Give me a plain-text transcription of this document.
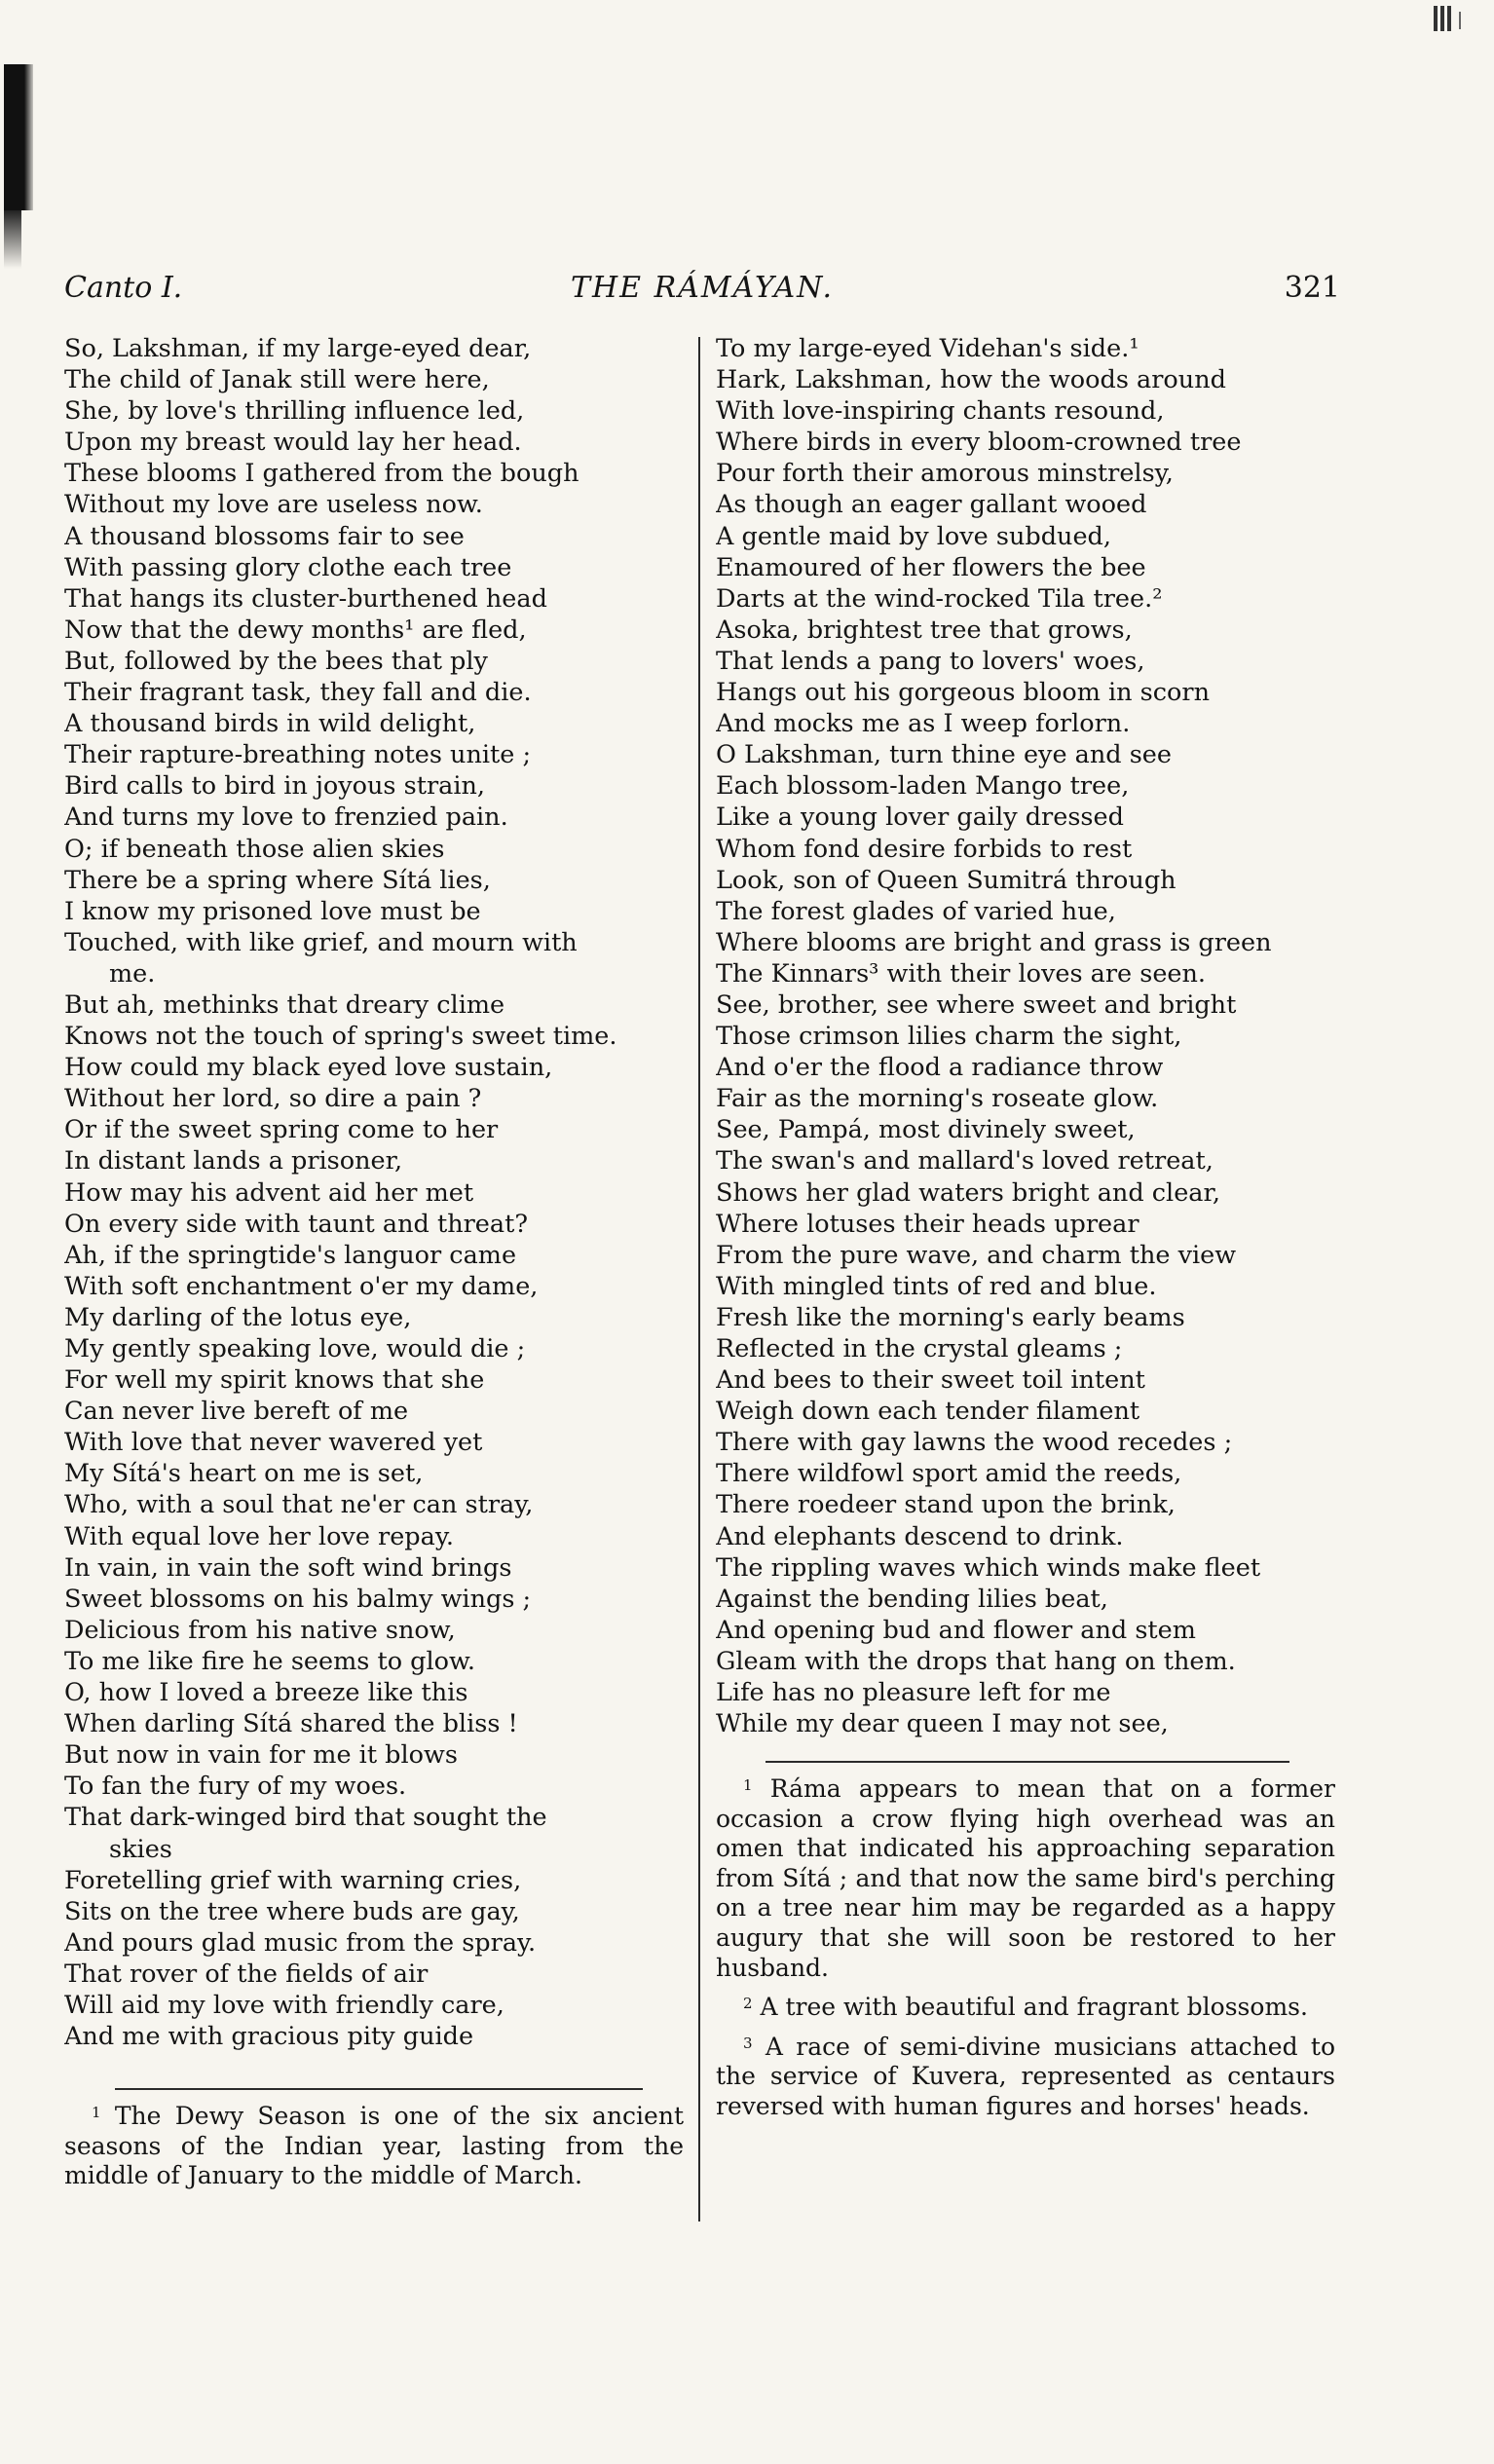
THE RÁMÁYAN.
Canto I.	321
So, Lakshman, if my large-eyed dear,
The child of Janak still were here,
She, by love's thrilling influence led,
Upon my breast would lay her head.
These blooms I gathered from the bough
Without my love are useless now.
A thousand blossoms fair to see
With passing glory clothe each tree
That hangs its cluster-burthened head
Now that the dewy months¹ are fled,
But, followed by the bees that ply
Their fragrant task, they fall and die.
A thousand birds in wild delight,
Their rapture-breathing notes unite ;
Bird calls to bird in joyous strain,
And turns my love to frenzied pain.
O; if beneath those alien skies
There be a spring where Sítá lies,
I know my prisoned love must be
Touched, with like grief, and mourn with
me.
But ah, methinks that dreary clime
Knows not the touch of spring's sweet time.
How could my black eyed love sustain,
Without her lord, so dire a pain ?
Or if the sweet spring come to her
In distant lands a prisoner,
How may his advent aid her met
On every side with taunt and threat?
Ah, if the springtide's languor came
With soft enchantment o'er my dame,
My darling of the lotus eye,
My gently speaking love, would die ;
For well my spirit knows that she
Can never live bereft of me
With love that never wavered yet
My Sítá's heart on me is set,
Who, with a soul that ne'er can stray,
With equal love her love repay.
In vain, in vain the soft wind brings
Sweet blossoms on his balmy wings ;
Delicious from his native snow,
To me like fire he seems to glow.
O, how I loved a breeze like this
When darling Sítá shared the bliss !
But now in vain for me it blows
To fan the fury of my woes.
That dark-winged bird that sought the
skies
Foretelling grief with warning cries,
Sits on the tree where buds are gay,
And pours glad music from the spray.
That rover of the fields of air
Will aid my love with friendly care,
And me with gracious pity guide
To my large-eyed Videhan's side.¹
Hark, Lakshman, how the woods around
With love-inspiring chants resound,
Where birds in every bloom-crowned tree
Pour forth their amorous minstrelsy,
As though an eager gallant wooed
A gentle maid by love subdued,
Enamoured of her flowers the bee
Darts at the wind-rocked Tila tree.²
Asoka, brightest tree that grows,
That lends a pang to lovers' woes,
Hangs out his gorgeous bloom in scorn
And mocks me as I weep forlorn.
O Lakshman, turn thine eye and see
Each blossom-laden Mango tree,
Like a young lover gaily dressed
Whom fond desire forbids to rest
Look, son of Queen Sumitrá through
The forest glades of varied hue,
Where blooms are bright and grass is green
The Kinnars³ with their loves are seen.
See, brother, see where sweet and bright
Those crimson lilies charm the sight,
And o'er the flood a radiance throw
Fair as the morning's roseate glow.
See, Pampá, most divinely sweet,
The swan's and mallard's loved retreat,
Shows her glad waters bright and clear,
Where lotuses their heads uprear
From the pure wave, and charm the view
With mingled tints of red and blue.
Fresh like the morning's early beams
Reflected in the crystal gleams ;
And bees to their sweet toil intent
Weigh down each tender filament
There with gay lawns the wood recedes ;
There wildfowl sport amid the reeds,
There roedeer stand upon the brink,
And elephants descend to drink.
The rippling waves which winds make fleet
Against the bending lilies beat,
And opening bud and flower and stem
Gleam with the drops that hang on them.
Life has no pleasure left for me
While my dear queen I may not see,
$^1$ The Dewy Season is one of the six ancient seasons of the Indian year, lasting from the middle of January to the middle of March.
$^1$ Ráma appears to mean that on a former occasion a crow flying high overhead was an omen that indicated his approaching separation from Sítá ; and that now the same bird's perching on a tree near him may be regarded as a happy augury that she will soon be restored to her husband.
$^2$ A tree with beautiful and fragrant blossoms.
$^3$ A race of semi-divine musicians attached to the service of Kuvera, represented as centaurs reversed with human figures and horses' heads.
